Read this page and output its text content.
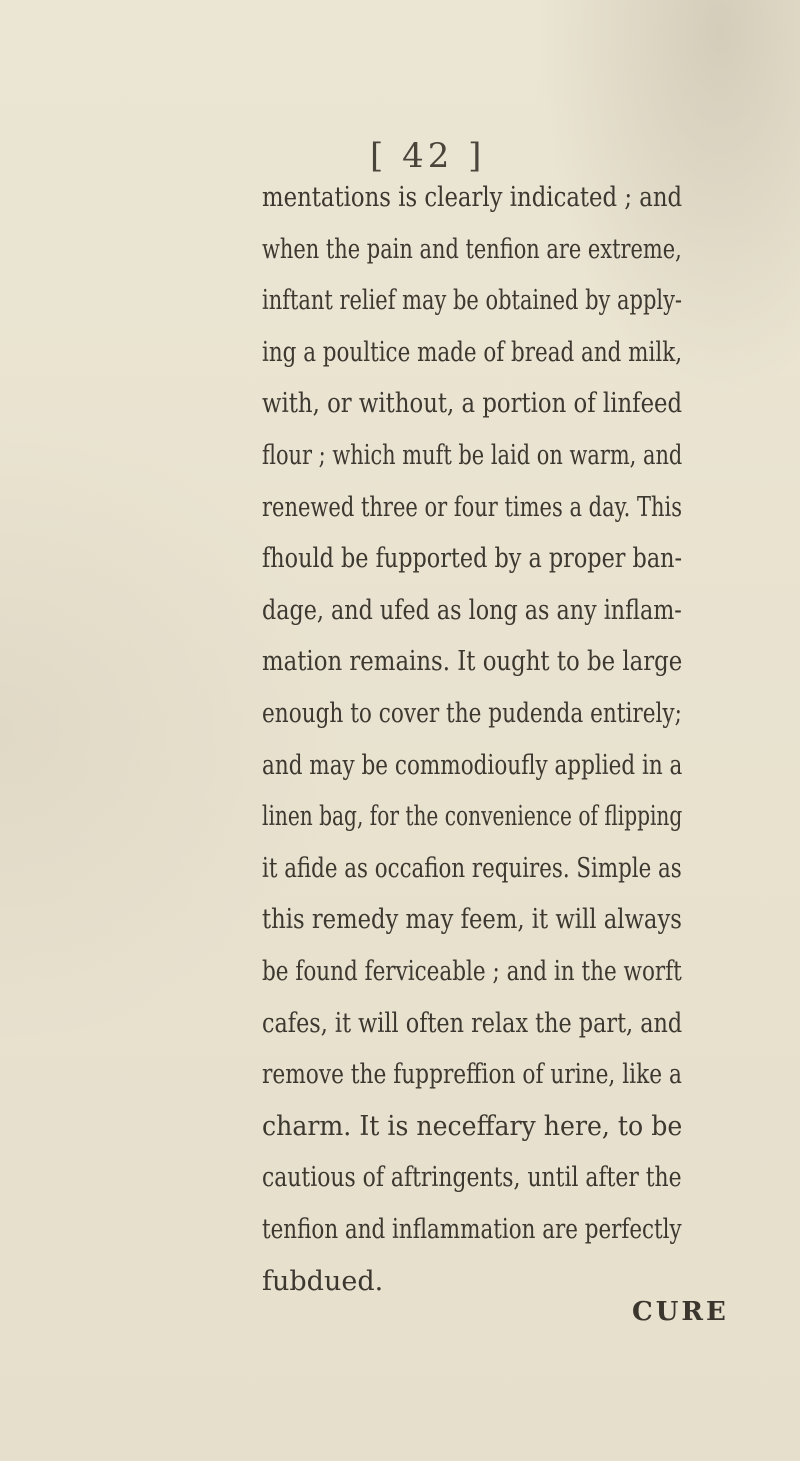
[ 42 ]
mentations is clearly indicated ; and
when the pain and tenfion are extreme,
inftant relief may be obtained by apply-
ing a poultice made of bread and milk,
with, or without, a portion of linfeed
flour ; which muft be laid on warm, and
renewed three or four times a day. This
fhould be fupported by a proper ban-
dage, and ufed as long as any inflam-
mation remains. It ought to be large
enough to cover the pudenda entirely;
and may be commodioufly applied in a
linen bag, for the convenience of flipping
it afide as occafion requires. Simple as
this remedy may feem, it will always
be found ferviceable ; and in the worft
cafes, it will often relax the part, and
remove the fuppreffion of urine, like a
charm. It is neceffary here, to be
cautious of aftringents, until after the
tenfion and inflammation are perfectly
fubdued.
CURE
